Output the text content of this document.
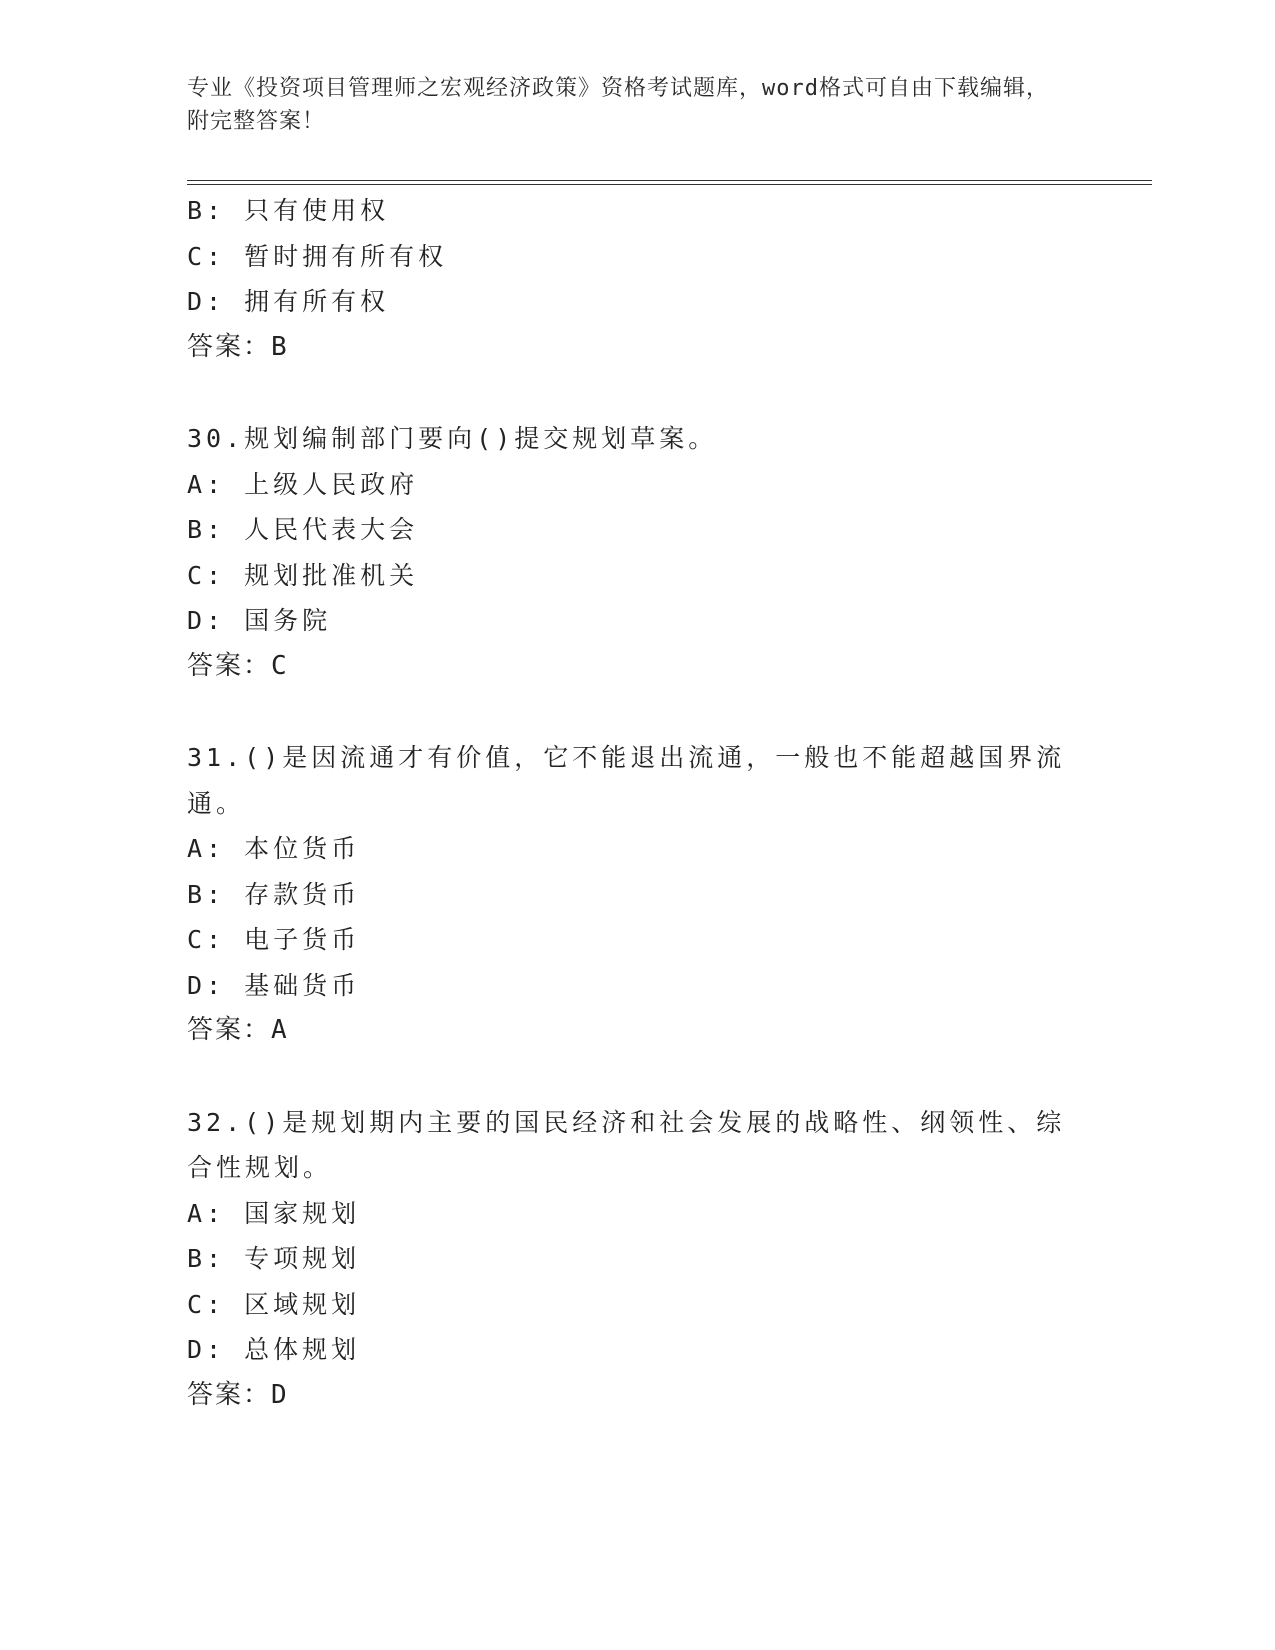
专业《投资项目管理师之宏观经济政策》资格考试题库，word格式可自由下载编辑，附完整答案！
B: 只有使用权
C: 暂时拥有所有权
D: 拥有所有权
答案：B
30.规划编制部门要向()提交规划草案。
A: 上级人民政府
B: 人民代表大会
C: 规划批准机关
D: 国务院
答案：C
31.()是因流通才有价值，它不能退出流通，一般也不能超越国界流通。
A: 本位货币
B: 存款货币
C: 电子货币
D: 基础货币
答案：A
32.()是规划期内主要的国民经济和社会发展的战略性、纲领性、综合性规划。
A: 国家规划
B: 专项规划
C: 区域规划
D: 总体规划
答案：D
